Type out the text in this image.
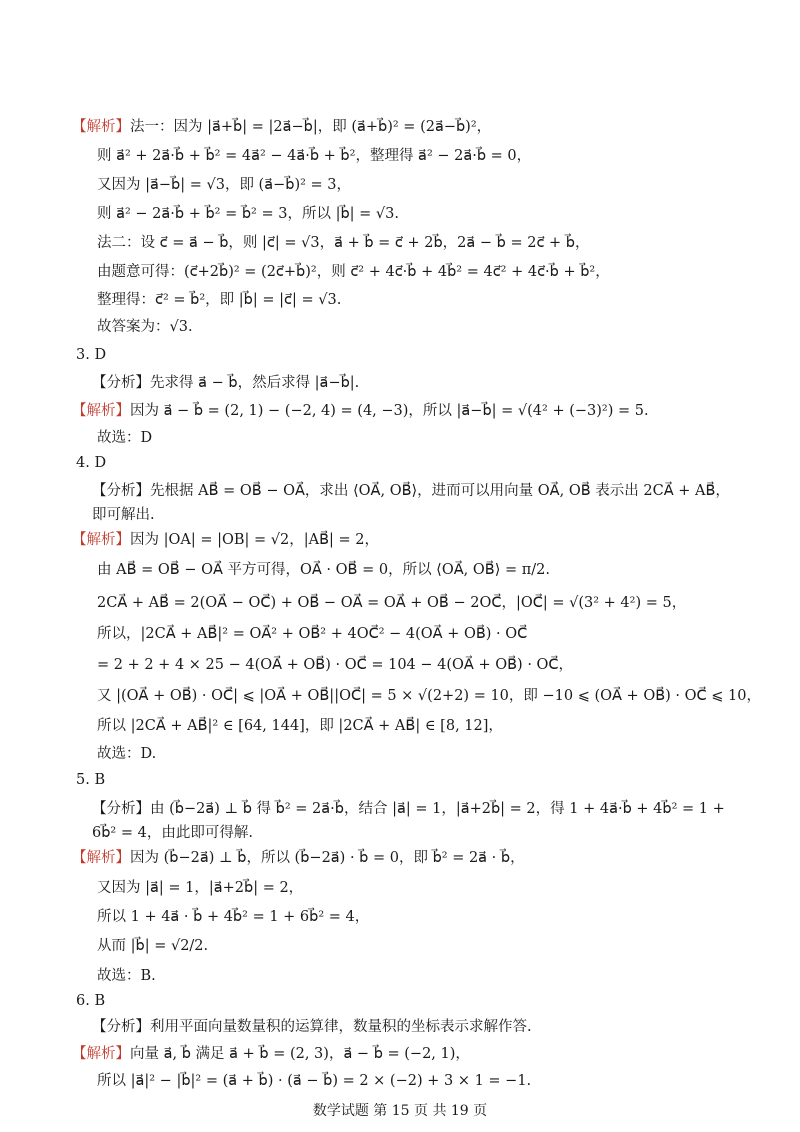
【解析】法一：因为 |a⃗+b⃗| = |2a⃗−b⃗|，即 (a⃗+b⃗)² = (2a⃗−b⃗)²，
则 a⃗² + 2a⃗·b⃗ + b⃗² = 4a⃗² − 4a⃗·b⃗ + b⃗²，整理得 a⃗² − 2a⃗·b⃗ = 0，
又因为 |a⃗−b⃗| = √3，即 (a⃗−b⃗)² = 3，
则 a⃗² − 2a⃗·b⃗ + b⃗² = b⃗² = 3，所以 |b⃗| = √3.
法二：设 c⃗ = a⃗ − b⃗，则 |c⃗| = √3，a⃗ + b⃗ = c⃗ + 2b⃗，2a⃗ − b⃗ = 2c⃗ + b⃗，
由题意可得：(c⃗+2b⃗)² = (2c⃗+b⃗)²，则 c⃗² + 4c⃗·b⃗ + 4b⃗² = 4c⃗² + 4c⃗·b⃗ + b⃗²，
整理得：c⃗² = b⃗²，即 |b⃗| = |c⃗| = √3.
故答案为：√3.
3. D
【分析】先求得 a⃗ − b⃗，然后求得 |a⃗−b⃗|.
【解析】因为 a⃗ − b⃗ = (2, 1) − (−2, 4) = (4, −3)，所以 |a⃗−b⃗| = √(4² + (−3)²) = 5.
故选：D
4. D
【分析】先根据 AB⃗ = OB⃗ − OA⃗，求出 ⟨OA⃗, OB⃗⟩，进而可以用向量 OA⃗, OB⃗ 表示出 2CA⃗ + AB⃗，即可解出.
【解析】因为 |OA| = |OB| = √2，|AB⃗| = 2，
由 AB⃗ = OB⃗ − OA⃗ 平方可得，OA⃗ · OB⃗ = 0，所以 ⟨OA⃗, OB⃗⟩ = π/2.
2CA⃗ + AB⃗ = 2(OA⃗ − OC⃗) + OB⃗ − OA⃗ = OA⃗ + OB⃗ − 2OC⃗，|OC⃗| = √(3² + 4²) = 5，
所以，|2CA⃗ + AB⃗|² = OA⃗² + OB⃗² + 4OC⃗² − 4(OA⃗ + OB⃗) · OC⃗
= 2 + 2 + 4 × 25 − 4(OA⃗ + OB⃗) · OC⃗ = 104 − 4(OA⃗ + OB⃗) · OC⃗，
又 |(OA⃗ + OB⃗) · OC⃗| ⩽ |OA⃗ + OB⃗||OC⃗| = 5 × √(2+2) = 10，即 −10 ⩽ (OA⃗ + OB⃗) · OC⃗ ⩽ 10，
所以 |2CA⃗ + AB⃗|² ∈ [64, 144]，即 |2CA⃗ + AB⃗| ∈ [8, 12]，
故选：D.
5. B
【分析】由 (b⃗−2a⃗) ⊥ b⃗ 得 b⃗² = 2a⃗·b⃗，结合 |a⃗| = 1，|a⃗+2b⃗| = 2，得 1 + 4a⃗·b⃗ + 4b⃗² = 1 + 6b⃗² = 4，由此即可得解.
【解析】因为 (b⃗−2a⃗) ⊥ b⃗，所以 (b⃗−2a⃗) · b⃗ = 0，即 b⃗² = 2a⃗ · b⃗，
又因为 |a⃗| = 1，|a⃗+2b⃗| = 2，
所以 1 + 4a⃗ · b⃗ + 4b⃗² = 1 + 6b⃗² = 4，
从而 |b⃗| = √2/2.
故选：B.
6. B
【分析】利用平面向量数量积的运算律，数量积的坐标表示求解作答.
数学试题 第 15 页 共 19 页
【解析】向量 a⃗, b⃗ 满足 a⃗ + b⃗ = (2, 3)，a⃗ − b⃗ = (−2, 1)，
所以 |a⃗|² − |b⃗|² = (a⃗ + b⃗) · (a⃗ − b⃗) = 2 × (−2) + 3 × 1 = −1.
